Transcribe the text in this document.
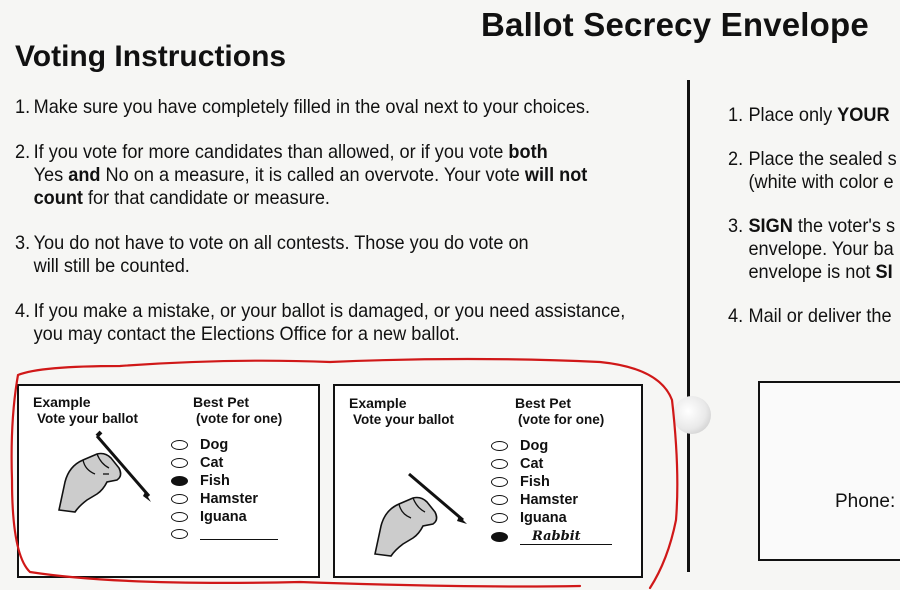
Ballot Secrecy Envelope
Voting Instructions
1. Make sure you have completely filled in the oval next to your choices.
2. If you vote for more candidates than allowed, or if you vote both
Yes and No on a measure, it is called an overvote. Your vote will not
count for that candidate or measure.
3. You do not have to vote on all contests. Those you do vote on
will still be counted.
4. If you make a mistake, or your ballot is damaged, or you need assistance,
you may contact the Elections Office for a new ballot.
1. Place only YOUR
2. Place the sealed s
(white with color e
3. SIGN the voter's s
envelope. Your ba
envelope is not SI
4. Mail or deliver the
Phone:
Example
Vote your ballot
Best Pet
(vote for one)
Dog
Cat
Fish
Hamster
Iguana
Example
Vote your ballot
Best Pet
(vote for one)
Dog
Cat
Fish
Hamster
Iguana
Rabbit
